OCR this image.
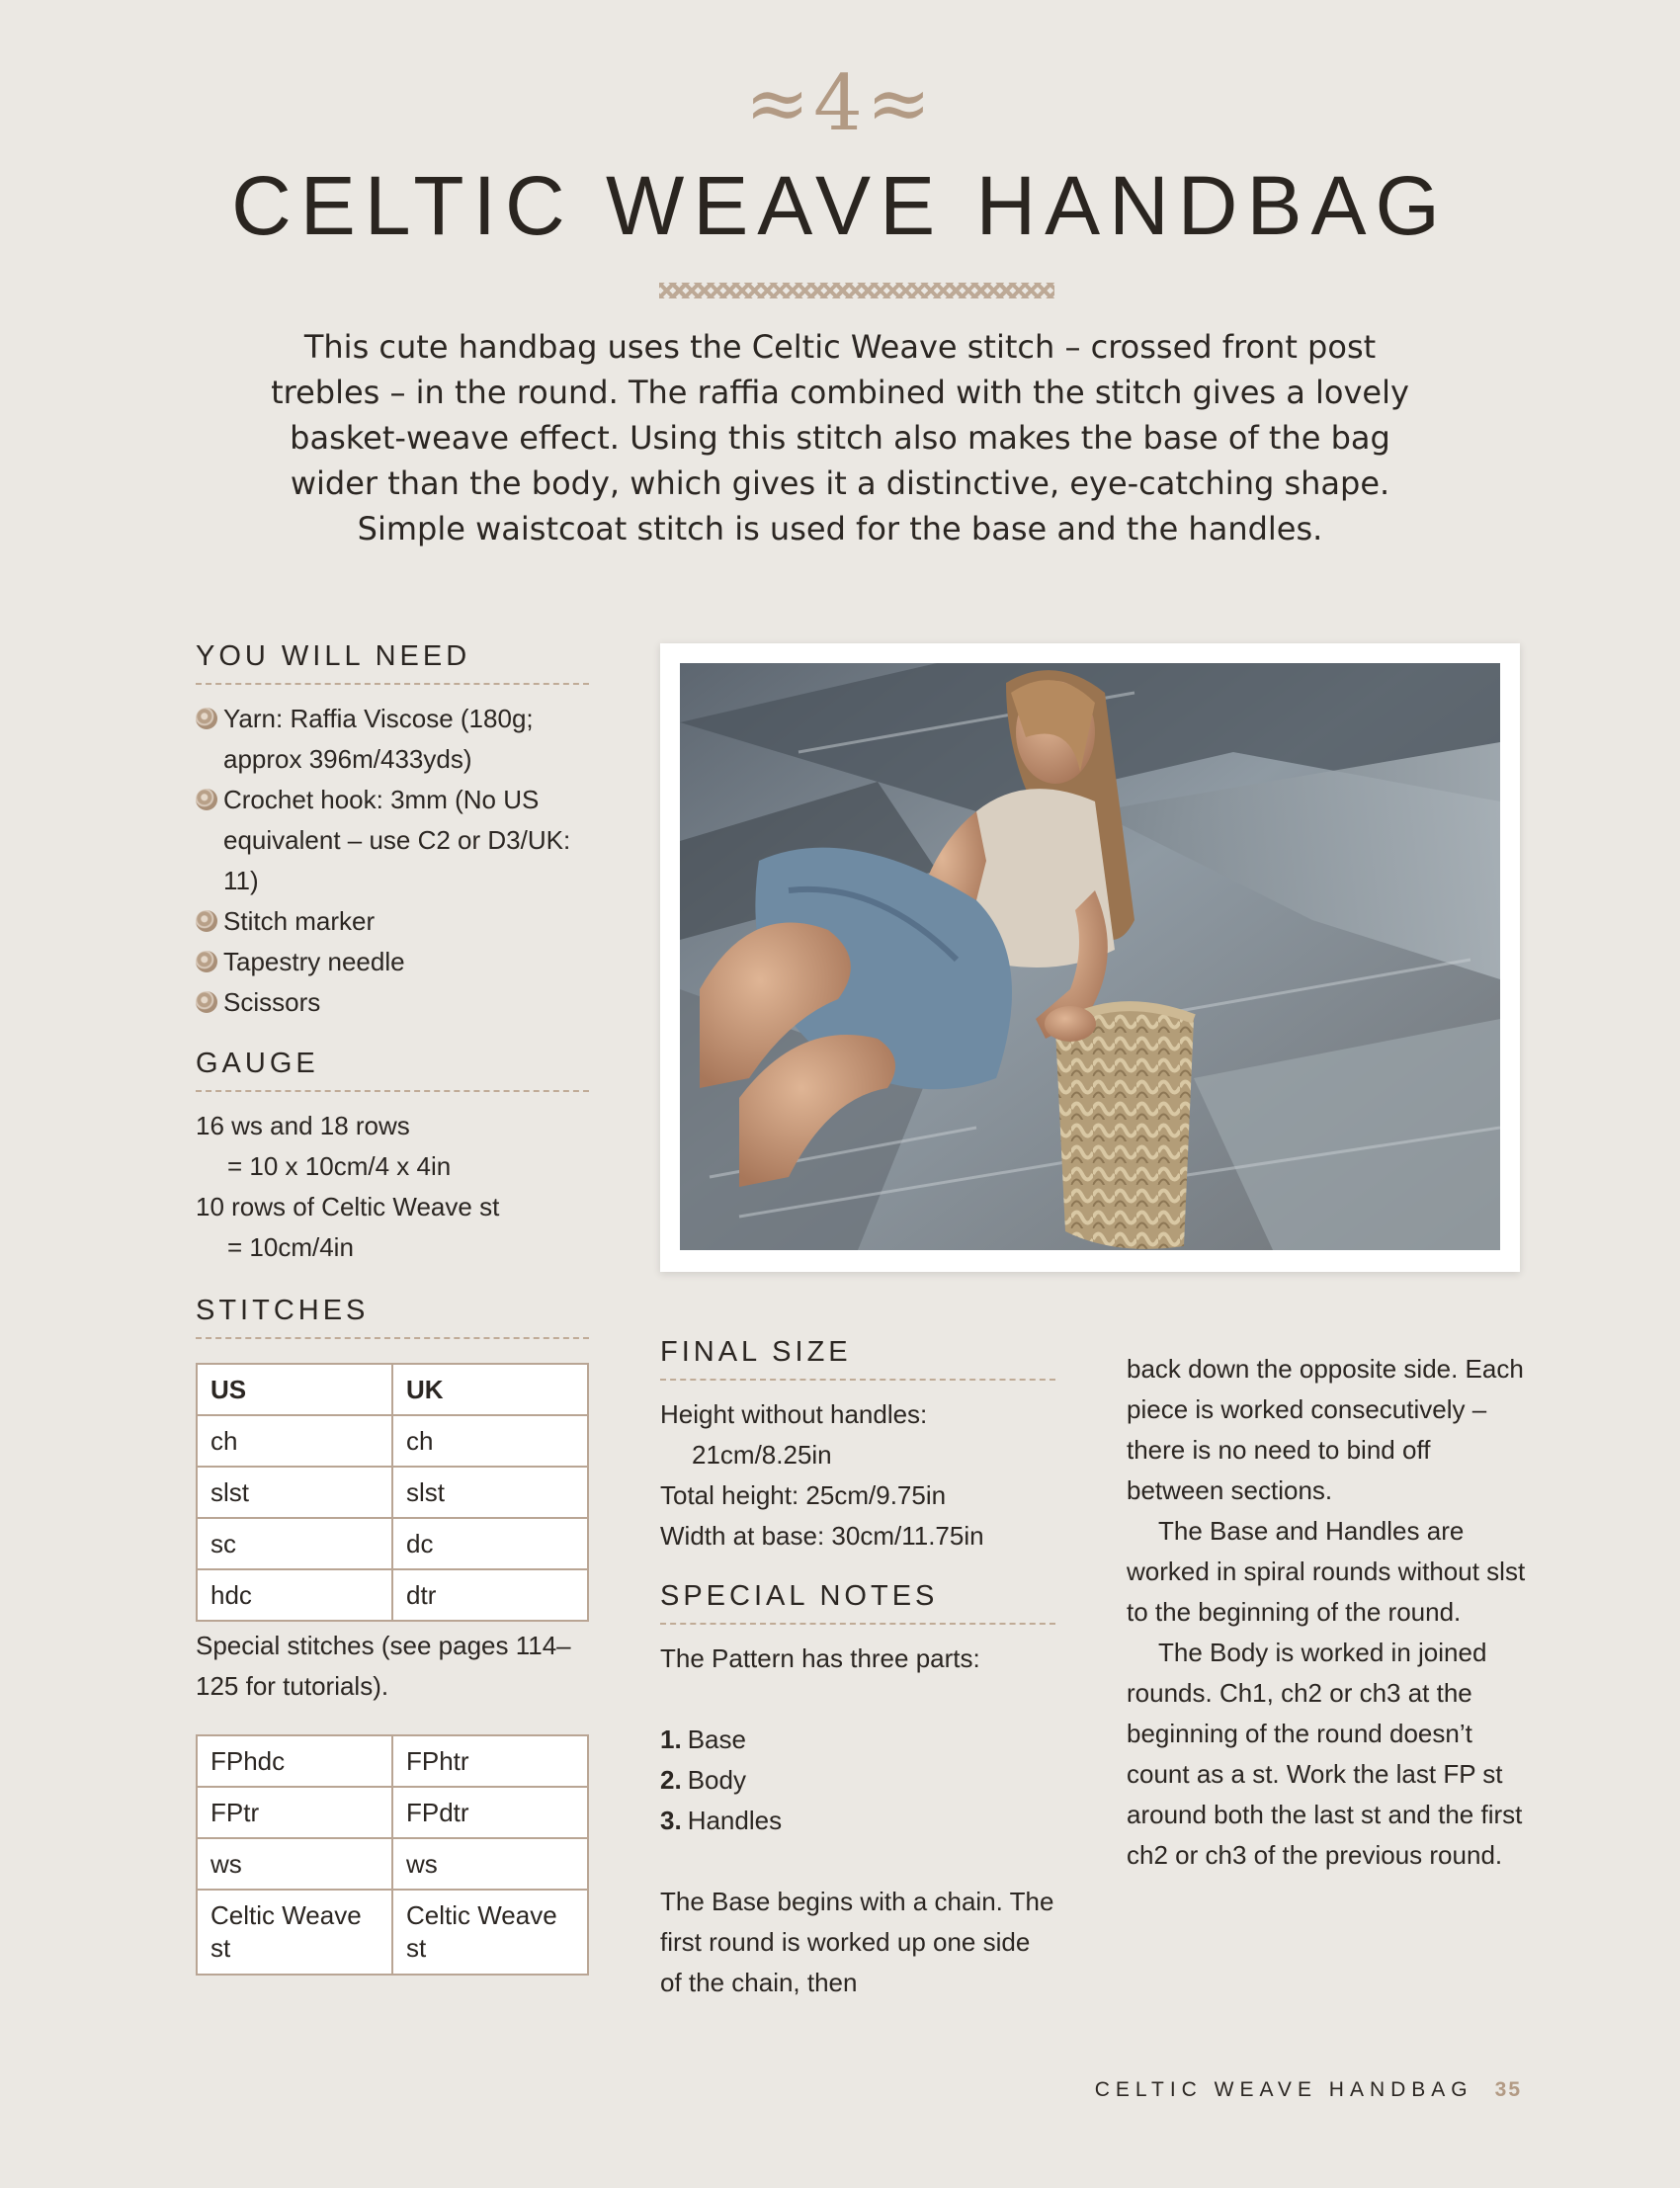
≈4≈
CELTIC WEAVE HANDBAG

This cute handbag uses the Celtic Weave stitch – crossed front post trebles – in the round. The raffia combined with the stitch gives a lovely basket-weave effect. Using this stitch also makes the base of the bag wider than the body, which gives it a distinctive, eye-catching shape. Simple waistcoat stitch is used for the base and the handles.

YOU WILL NEED
Yarn: Raffia Viscose (180g; approx 396m/433yds)
Crochet hook: 3mm (No US equivalent – use C2 or D3/UK: 11)
Stitch marker
Tapestry needle
Scissors
GAUGE
16 ws and 18 rows
= 10 x 10cm/4 x 4in
10 rows of Celtic Weave st
= 10cm/4in
STITCHES
US	UK
ch	ch
slst	slst
sc	dc
hdc	dtr
Special stitches (see pages 114–125 for tutorials).
FPhdc	FPhtr
FPtr	FPdtr
ws	ws
Celtic Weave st	Celtic Weave st
FINAL SIZE
Height without handles:
21cm/8.25in
Total height: 25cm/9.75in
Width at base: 30cm/11.75in
SPECIAL NOTES
The Pattern has three parts:
1. Base
2. Body
3. Handles
The Base begins with a chain. The first round is worked up one side of the chain, then
back down the opposite side. Each piece is worked consecutively – there is no need to bind off between sections.
The Base and Handles are worked in spiral rounds without slst to the beginning of the round.
The Body is worked in joined rounds. Ch1, ch2 or ch3 at the beginning of the round doesn’t count as a st. Work the last FP st around both the last st and the first ch2 or ch3 of the previous round.
CELTIC WEAVE HANDBAG 35
